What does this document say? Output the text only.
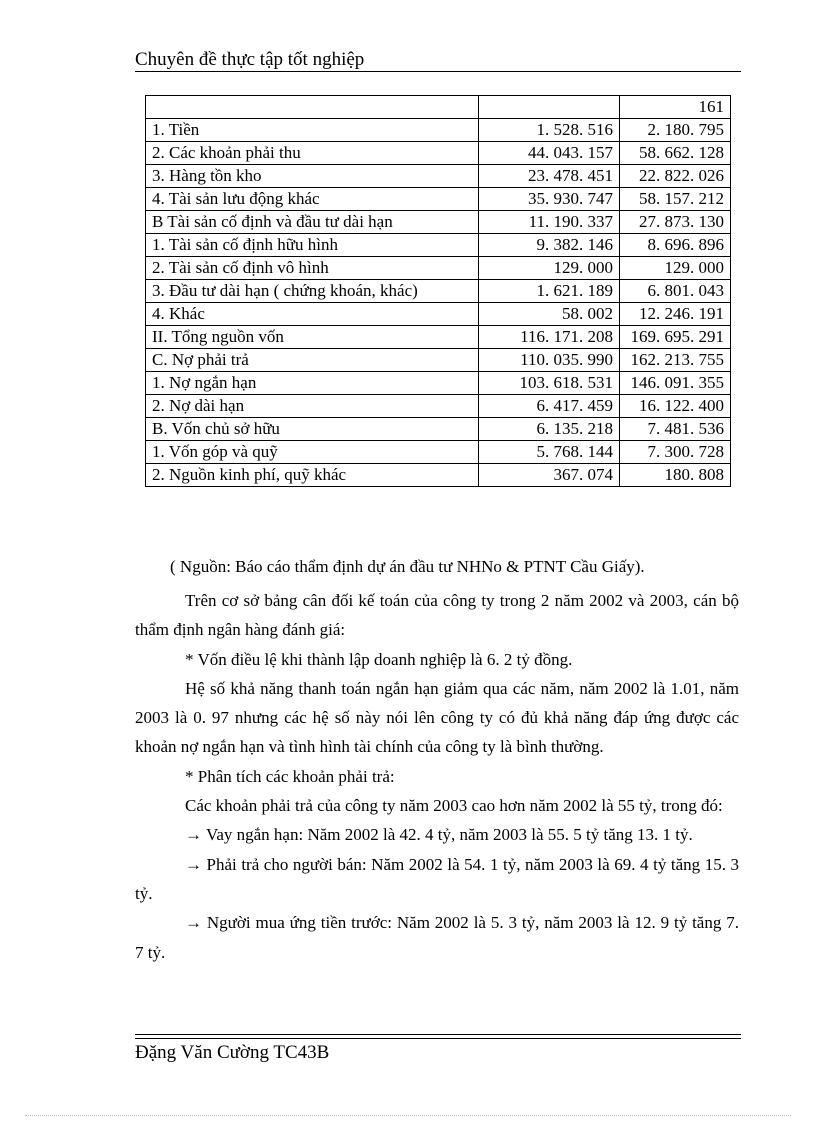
Chuyên đề thực tập tốt nghiệp
		161
1. Tiền	1. 528. 516	2. 180. 795
2. Các khoản phải thu	44. 043. 157	58. 662. 128
3. Hàng tồn kho	23. 478. 451	22. 822. 026
4. Tài sản lưu động khác	35. 930. 747	58. 157. 212
B Tài sản cố định và đầu tư dài hạn	11. 190. 337	27. 873. 130
1. Tài sản cố định hữu hình	9. 382. 146	8. 696. 896
2. Tài sản cố định vô hình	129. 000	129. 000
3. Đầu tư dài hạn ( chứng khoán, khác)	1. 621. 189	6. 801. 043
4. Khác	58. 002	12. 246. 191
II. Tổng nguồn vốn	116. 171. 208	169. 695. 291
C. Nợ phải trả	110. 035. 990	162. 213. 755
1. Nợ ngắn hạn	103. 618. 531	146. 091. 355
2. Nợ dài hạn	6. 417. 459	16. 122. 400
B. Vốn chủ sở hữu	6. 135. 218	7. 481. 536
1. Vốn góp và quỹ	5. 768. 144	7. 300. 728
2. Nguồn kinh phí, quỹ khác	367. 074	180. 808
( Nguồn: Báo cáo thẩm định dự án đầu tư NHNo & PTNT Cầu Giấy).

Trên cơ sở bảng cân đối kế toán của công ty trong 2 năm 2002 và 2003, cán bộ thẩm định ngân hàng đánh giá:

* Vốn điều lệ khi thành lập doanh nghiệp là 6. 2 tỷ đồng.

Hệ số khả năng thanh toán ngắn hạn giảm qua các năm, năm 2002 là 1.01, năm 2003 là 0. 97 nhưng các hệ số này nói lên công ty có đủ khả năng đáp ứng được các khoản nợ ngắn hạn và tình hình tài chính của công ty là bình thường.

* Phân tích các khoản phải trả:

Các khoản phải trả của công ty năm 2003 cao hơn năm 2002 là 55 tỷ, trong đó:

→ Vay ngắn hạn: Năm 2002 là 42. 4 tỷ, năm 2003 là 55. 5 tỷ tăng 13. 1 tỷ.

→ Phải trả cho người bán: Năm 2002 là 54. 1 tỷ, năm 2003 là 69. 4 tỷ tăng 15. 3 tỷ.

→ Người mua ứng tiền trước: Năm 2002 là 5. 3 tỷ, năm 2003 là 12. 9 tỷ tăng 7. 7 tỷ.

Đặng Văn Cường TC43B
